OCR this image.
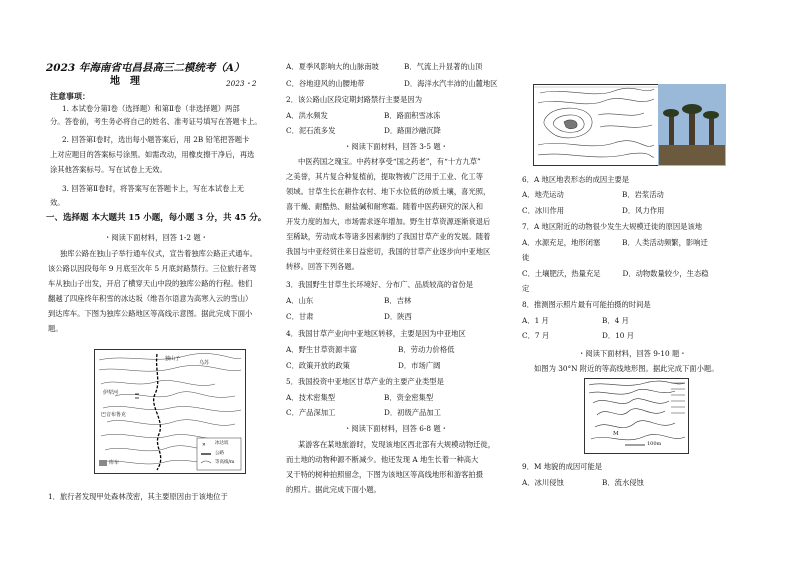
2023 年海南省屯昌县高三二模统考（A）
地　理	2023・2
注意事项：
1. 本试卷分第Ⅰ卷（选择题）和第Ⅱ卷（非选择题）两部
分。答卷前，考生务必将自己的姓名、准考证号填写在答题卡上。
2. 回答第Ⅰ卷时，选出每小题答案后，用 2B 铅笔把答题卡
上对应题目的答案标号涂黑。如需改动，用橡皮擦干净后，再选
涂其他答案标号。写在试卷上无效。
3. 回答第Ⅱ卷时，将答案写在答题卡上，写在本试卷上无
效。
一、选择题 本大题共 15 小题，每小题 3 分，共 45 分。
・阅读下面材料，回答 1-2 题・
独库公路在独山子举行通车仪式，宣告着独库公路正式通车。
该公路以因段每年 9 月底至次年 5 月底封路禁行。三位旅行者驾
车从独山子出发，开启了横穿天山中段的独库公路的行程。他们
翻越了四座终年积雪的冰达坂（维吾尔语意为高寒入云的雪山）
到达库车。下图为独库公路地区等高线示意图。据此完成下面小
题。
✕
独山子
乌苏
伊犁河
巴音布鲁克
库车
冰达坂
公路
等高线/m
1．旅行者发现甲处森林茂密，其主要原因由于该地位于
A．夏季风影响大的山脉南坡	B．气流上升显著的山顶
C．谷地迎风的山腰地带	D．海洋水汽丰沛的山麓地区
2．该公路山区段定期封路禁行主要是因为
A．洪水频发	B．路面积雪冰冻
C．泥石流多发	D．路面沙融沉降
・阅读下面材料，回答 3-5 题・
中医药国之瑰宝。中药材享受“国之药老”，有“十方九草”
之美誉，其片复合种复植前，提取物被广泛用于工业、化工等
领域。甘草生长在耕作农村、地下水位低的砂质土壤，喜光照，
喜干燥、耐酷热、耐盐碱和耐寒霜。随着中医药研究的深入和
开发力度的加大，市场需求逐年增加。野生甘草资源逐渐衰退后
至稀缺，劳动成本等诸多因素制约了我国甘草产业的发展。随着
我国与中亚经贸往来日益密切，我国的甘草产业逐步向中亚地区
转移。回答下列各题。
3．我国野生甘草生长环境好、分布广、品质较高的省份是
A．山东	B．吉林
C．甘肃	D．陕西
4．我国甘草产业向中亚地区转移，主要是因为中亚地区
A．野生甘草资源丰富	B．劳动力价格低
C．政策开放的政策	D．市场广阔
5．我国投资中亚地区甘草产业的主要产业类型是
A．技术密集型	B．资金密集型
C．产品深加工	D．初级产品加工
・阅读下面材料，回答 6-8 题・
某游客在某地旅游时，发现该地区西北部有大规模动物迁徙，
而土地的动物种源不断减少。他还发现 A 地生长着一种高大
叉干特的树种拍照留念，下图为该地区等高线地形和游客拍摄
的照片。据此完成下面小题。
6．A 地区地表形态的成因主要是
A．地壳运动	B．岩浆活动
C．冰川作用	D．风力作用
7．A 地区附近的动物很少发生大规模迁徙的原因是该地
A．水源充足，地形闭塞　　　B．人类活动频繁，影响迁
徙
C．土壤肥沃，热量充足　　　D．动物数量较少，生态稳
定
8．推测图示照片最有可能拍摄的时间是
A．1 月	B．4 月
C．7 月	D．10 月
・阅读下面材料，回答 9-10 题・
如图为 30°N 附近的等高线地形图。据此完成下面小题。
M
100m
9．M 地貌的成因可能是
A．冰川侵蚀	B．流水侵蚀
